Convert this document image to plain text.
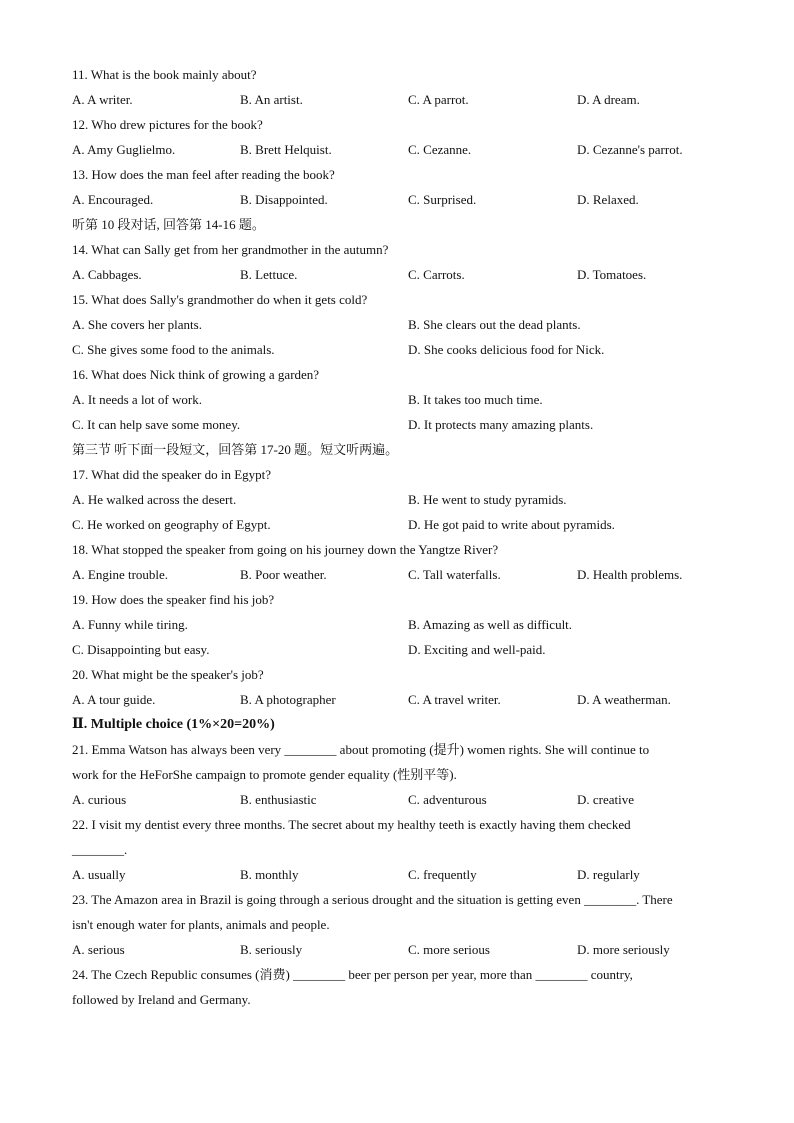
11. What is the book mainly about?
A. A writer.	B. An artist.	C. A parrot.	D. A dream.
12. Who drew pictures for the book?
A. Amy Guglielmo.	B. Brett Helquist.	C. Cezanne.	D. Cezanne's parrot.
13. How does the man feel after reading the book?
A. Encouraged.	B. Disappointed.	C. Surprised.	D. Relaxed.
听第 10 段对话, 回答第 14-16 题。
14. What can Sally get from her grandmother in the autumn?
A. Cabbages.	B. Lettuce.	C. Carrots.	D. Tomatoes.
15. What does Sally's grandmother do when it gets cold?
A. She covers her plants.	B. She clears out the dead plants.
C. She gives some food to the animals.	D. She cooks delicious food for Nick.
16. What does Nick think of growing a garden?
A. It needs a lot of work.	B. It takes too much time.
C. It can help save some money.	D. It protects many amazing plants.
第三节 听下面一段短文，回答第 17-20 题。短文听两遍。
17. What did the speaker do in Egypt?
A. He walked across the desert.	B. He went to study pyramids.
C. He worked on geography of Egypt.	D. He got paid to write about pyramids.
18. What stopped the speaker from going on his journey down the Yangtze River?
A. Engine trouble.	B. Poor weather.	C. Tall waterfalls.	D. Health problems.
19. How does the speaker find his job?
A. Funny while tiring.	B. Amazing as well as difficult.
C. Disappointing but easy.	D. Exciting and well-paid.
20. What might be the speaker's job?
A. A tour guide.	B. A photographer	C. A travel writer.	D. A weatherman.
Ⅱ. Multiple choice (1%×20=20%)
21. Emma Watson has always been very ________ about promoting (提升) women rights. She will continue to
work for the HeForShe campaign to promote gender equality (性别平等).
A. curious	B. enthusiastic	C. adventurous	D. creative
22. I visit my dentist every three months. The secret about my healthy teeth is exactly having them checked
________.
A. usually	B. monthly	C. frequently	D. regularly
23. The Amazon area in Brazil is going through a serious drought and the situation is getting even ________. There
isn't enough water for plants, animals and people.
A. serious	B. seriously	C. more serious	D. more seriously
24. The Czech Republic consumes (消费) ________ beer per person per year, more than ________ country,
followed by Ireland and Germany.
